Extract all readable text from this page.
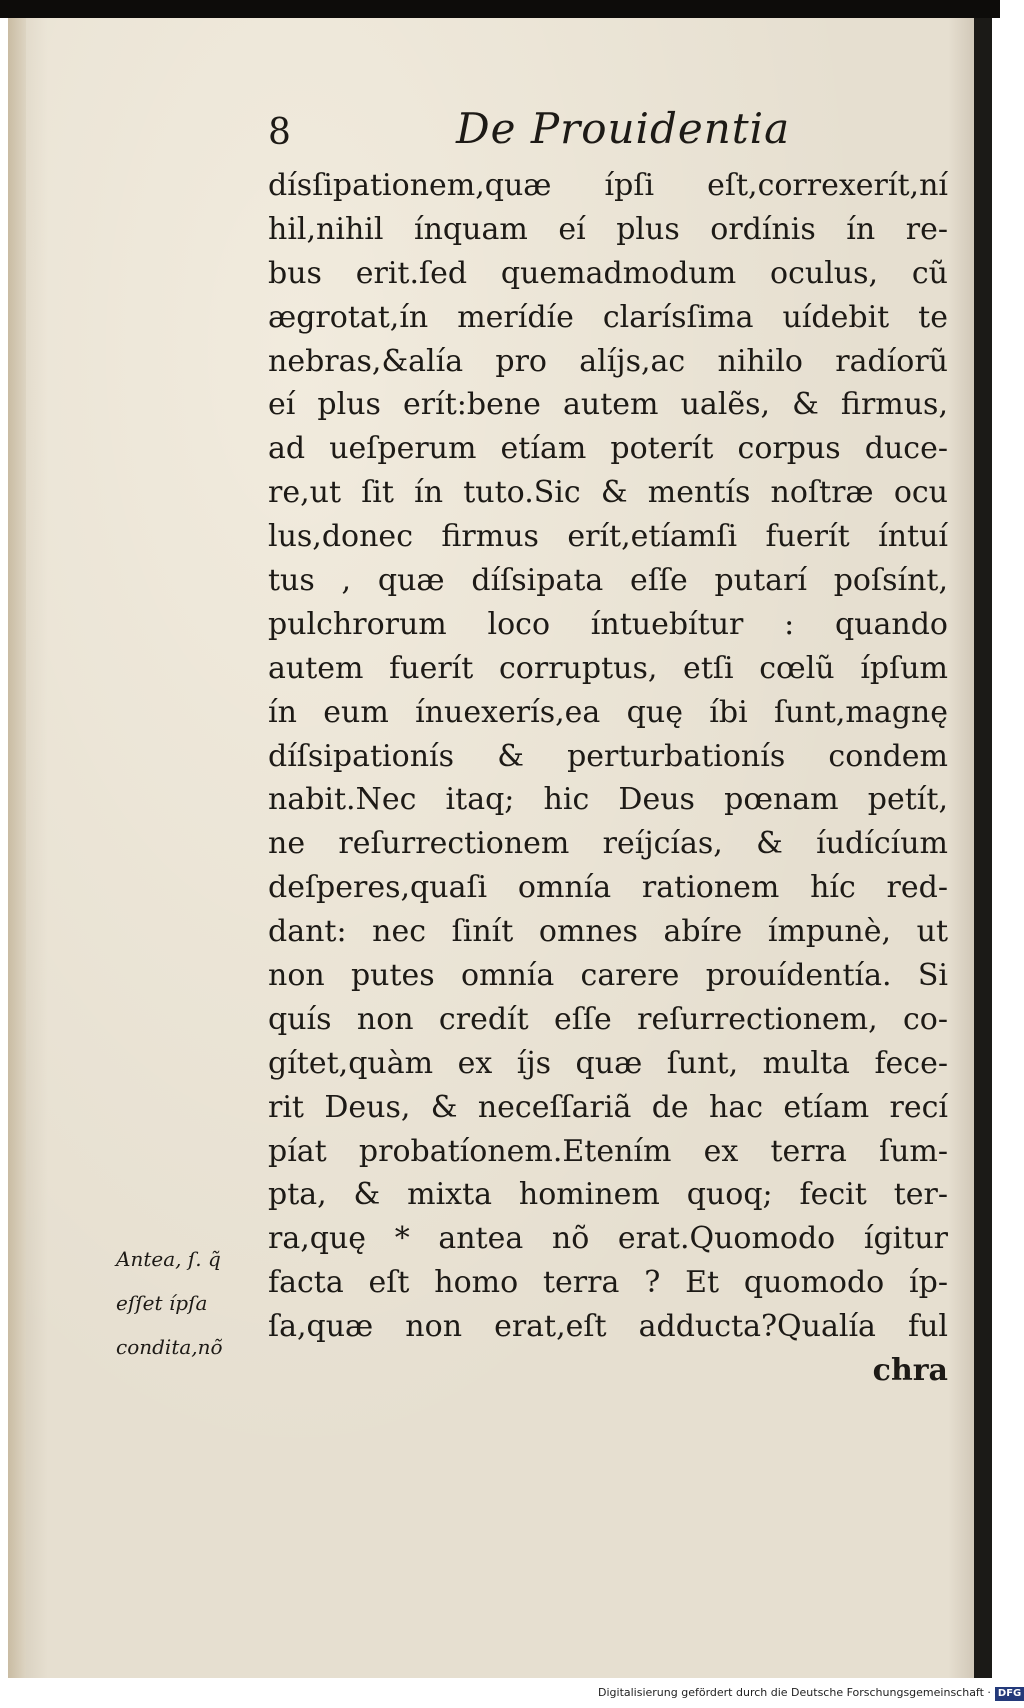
8	De Prouidentia
dísſipationem,quæ ípſi eſt,correxerít,ní
hil,nihil ínquam eí plus ordínis ín re-
bus erit.ſed quemadmodum oculus, cũ
ægrotat,ín merídíe clarísſima uídebit te
nebras,&alía pro alíjs,ac nihilo radíorũ
eí plus erít:bene autem ualẽs, & firmus,
ad ueſperum etíam poterít corpus duce-
re,ut ſit ín tuto.Sic & mentís noſtræ ocu
lus,donec firmus erít,etíamſi fuerít íntuí
tus , quæ díſsipata eſſe putarí poſsínt,
pulchrorum loco íntuebítur : quando
autem fuerít corruptus, etſi cœlũ ípſum
ín eum ínuexerís,ea quę íbi ſunt,magnę
díſsipationís & perturbationís condem
nabit.Nec itaq; hic Deus pœnam petít,
ne reſurrectionem reíjcías, & íudícíum
deſperes,quaſi omnía rationem híc red-
dant: nec ſinít omnes abíre ímpunè, ut
non putes omnía carere prouídentía. Si
quís non credít eſſe reſurrectionem, co-
gítet,quàm ex íjs quæ ſunt, multa fece-
rit Deus, & neceſſariã de hac etíam recí
píat probatíonem.Etením ex terra ſum-
pta, & mixta hominem quoq; fecit ter-
ra,quę * antea nõ erat.Quomodo ígitur
facta eſt homo terra ? Et quomodo íp-
ſa,quæ non erat,eſt adducta?Qualía ful
chra
Antea, ſ. q̃
eſſet ípſa
condita,nõ
Digitalisierung gefördert durch die Deutsche Forschungsgemeinschaft · DFG
